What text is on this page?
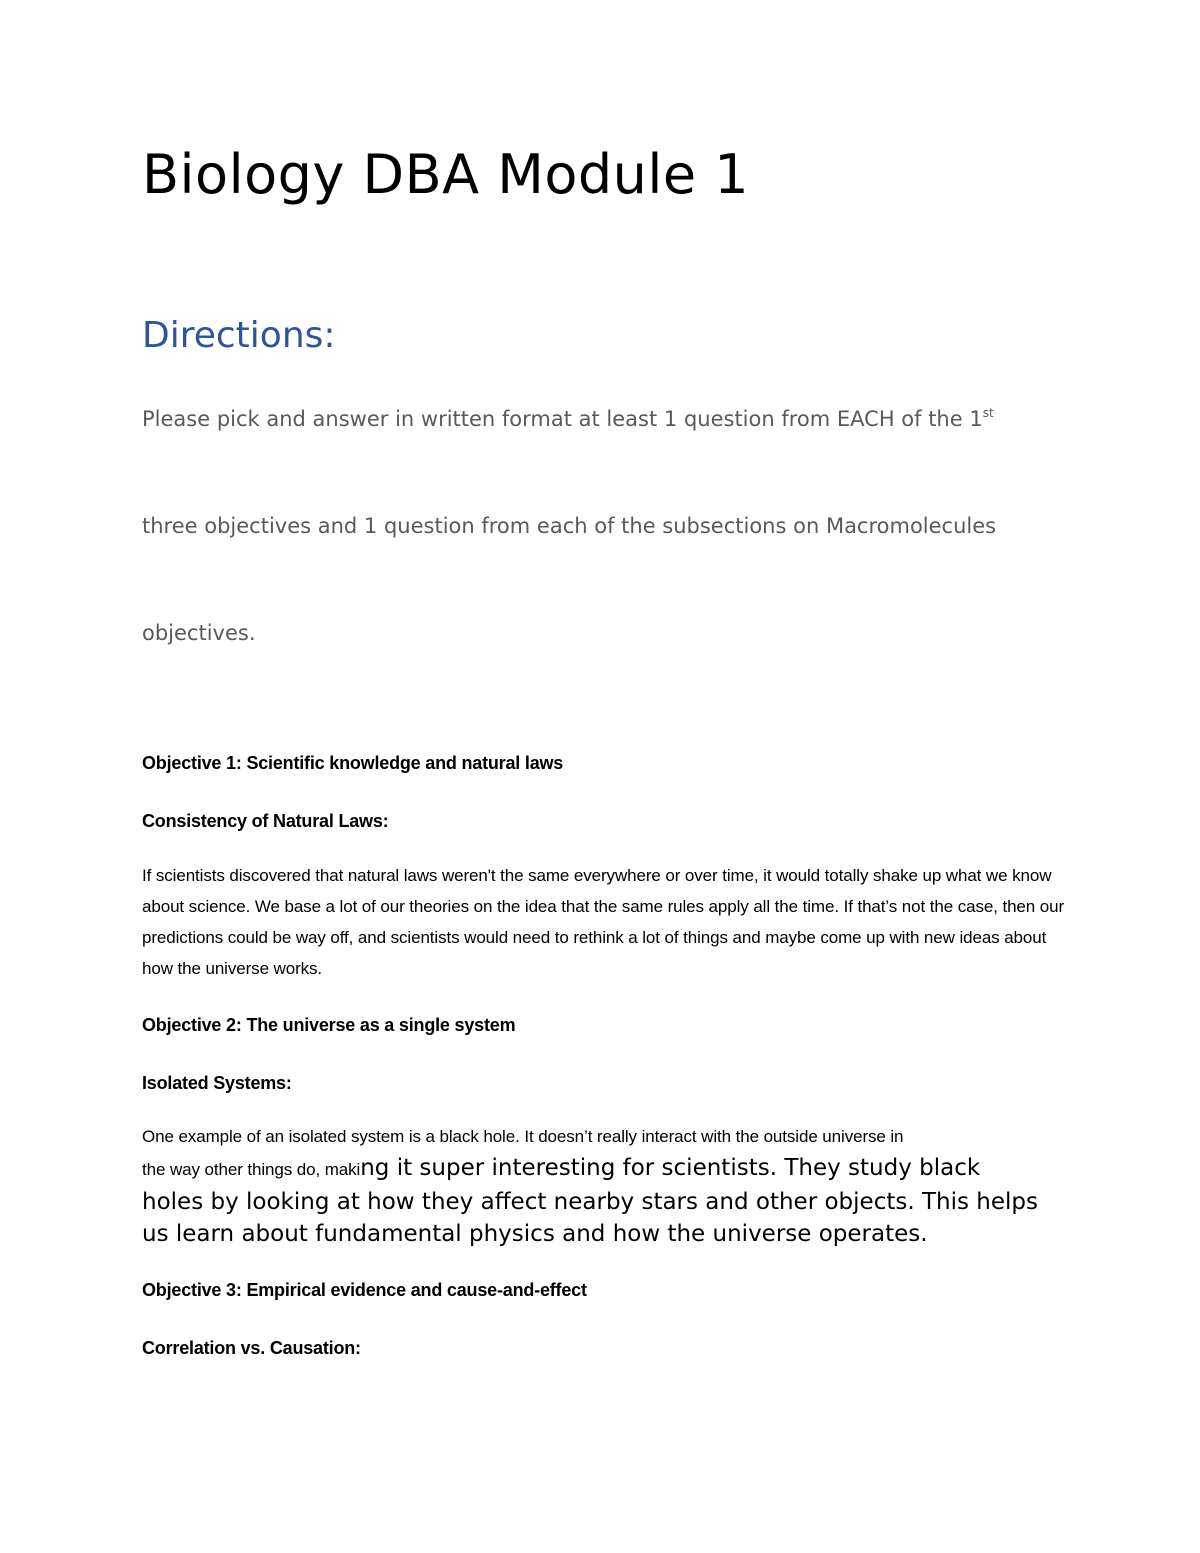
Biology DBA Module 1
Directions:

Please pick and answer in written format at least 1 question from EACH of the 1st

three objectives and 1 question from each of the subsections on Macromolecules

objectives.

Objective 1: Scientific knowledge and natural laws

Consistency of Natural Laws:

If scientists discovered that natural laws weren't the same everywhere or over time, it would totally shake up what we know about science. We base a lot of our theories on the idea that the same rules apply all the time. If that’s not the case, then our predictions could be way off, and scientists would need to rethink a lot of things and maybe come up with new ideas about how the universe works.

Objective 2: The universe as a single system

Isolated Systems:

One example of an isolated system is a black hole. It doesn’t really interact with the outside universe in
the way other things do, making it super interesting for scientists. They study black
holes by looking at how they affect nearby stars and other objects. This helps
us learn about fundamental physics and how the universe operates.

Objective 3: Empirical evidence and cause-and-effect

Correlation vs. Causation:
